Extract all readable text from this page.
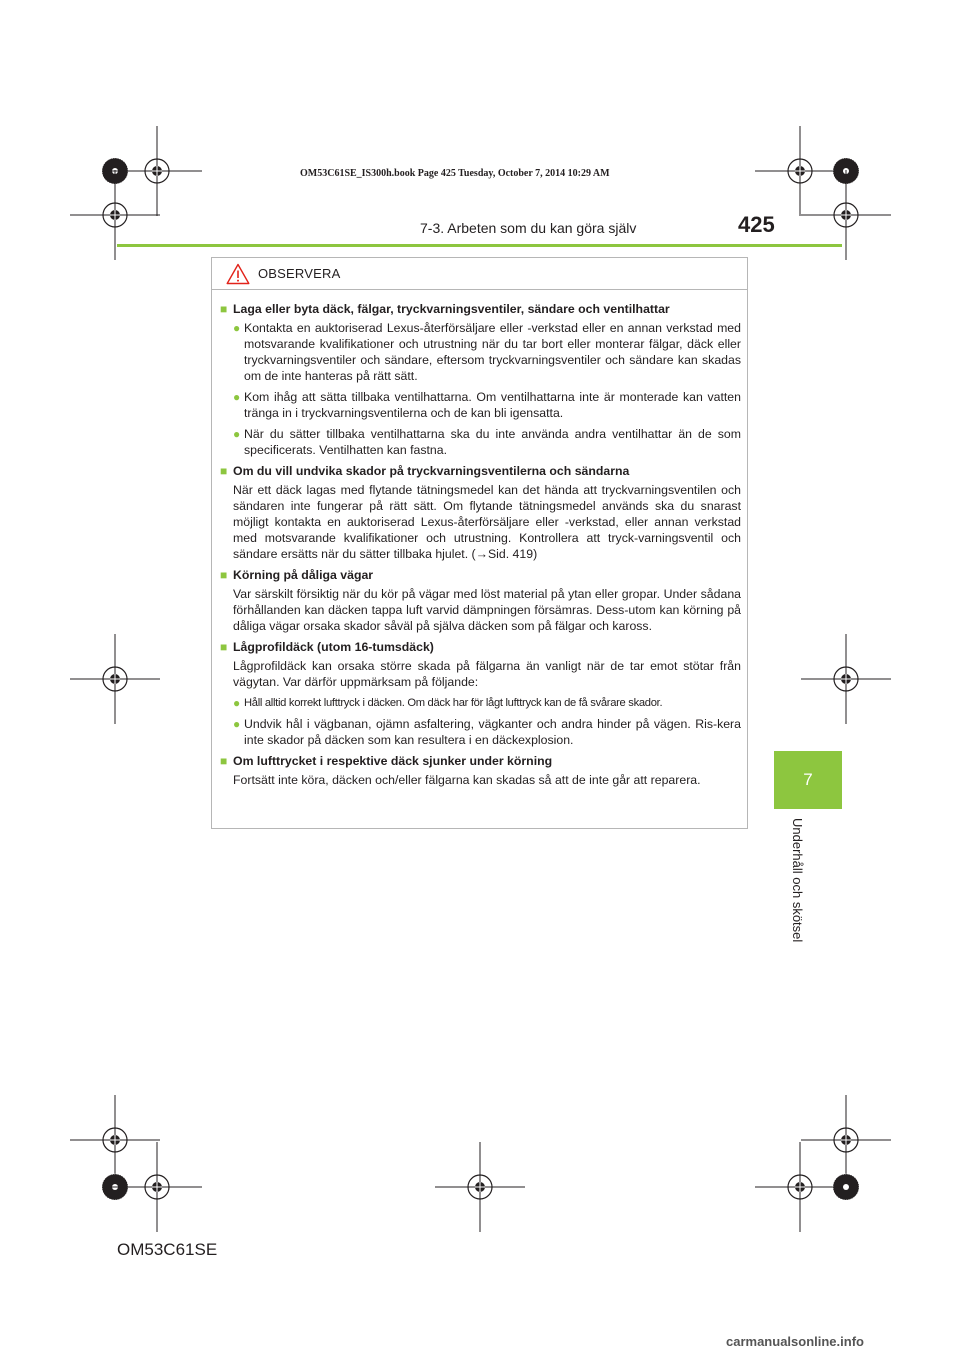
OM53C61SE_IS300h.book Page 425 Tuesday, October 7, 2014 10:29 AM
7-3. Arbeten som du kan göra själv	425
7
Underhåll och skötsel
OBSERVERA
■ Laga eller byta däck, fälgar, tryckvarningsventiler, sändare och ventilhattar
● Kontakta en auktoriserad Lexus-återförsäljare eller -verkstad eller en annan verkstad med motsvarande kvalifikationer och utrustning när du tar bort eller monterar fälgar, däck eller tryckvarningsventiler och sändare, eftersom tryckvarningsventiler och sändare kan skadas om de inte hanteras på rätt sätt.
● Kom ihåg att sätta tillbaka ventilhattarna. Om ventilhattarna inte är monterade kan vatten tränga in i tryckvarningsventilerna och de kan bli igensatta.
● När du sätter tillbaka ventilhattarna ska du inte använda andra ventilhattar än de som specificerats. Ventilhatten kan fastna.
■ Om du vill undvika skador på tryckvarningsventilerna och sändarna
När ett däck lagas med flytande tätningsmedel kan det hända att tryckvarningsventilen och sändaren inte fungerar på rätt sätt. Om flytande tätningsmedel används ska du snarast möjligt kontakta en auktoriserad Lexus-återförsäljare eller -verkstad, eller annan verkstad med motsvarande kvalifikationer och utrustning. Kontrollera att tryck-varningsventil och sändare ersätts när du sätter tillbaka hjulet. (→Sid. 419)
■ Körning på dåliga vägar
Var särskilt försiktig när du kör på vägar med löst material på ytan eller gropar. Under sådana förhållanden kan däcken tappa luft varvid dämpningen försämras. Dess-utom kan körning på dåliga vägar orsaka skador såväl på själva däcken som på fälgar och kaross.
■ Lågprofildäck (utom 16-tumsdäck)
Lågprofildäck kan orsaka större skada på fälgarna än vanligt när de tar emot stötar från vägytan. Var därför uppmärksam på följande:
● Håll alltid korrekt lufttryck i däcken. Om däck har för lågt lufttryck kan de få svårare skador.
● Undvik hål i vägbanan, ojämn asfaltering, vägkanter och andra hinder på vägen. Ris-kera inte skador på däcken som kan resultera i en däckexplosion.
■ Om lufttrycket i respektive däck sjunker under körning
Fortsätt inte köra, däcken och/eller fälgarna kan skadas så att de inte går att reparera.
OM53C61SE
carmanualsonline.info
